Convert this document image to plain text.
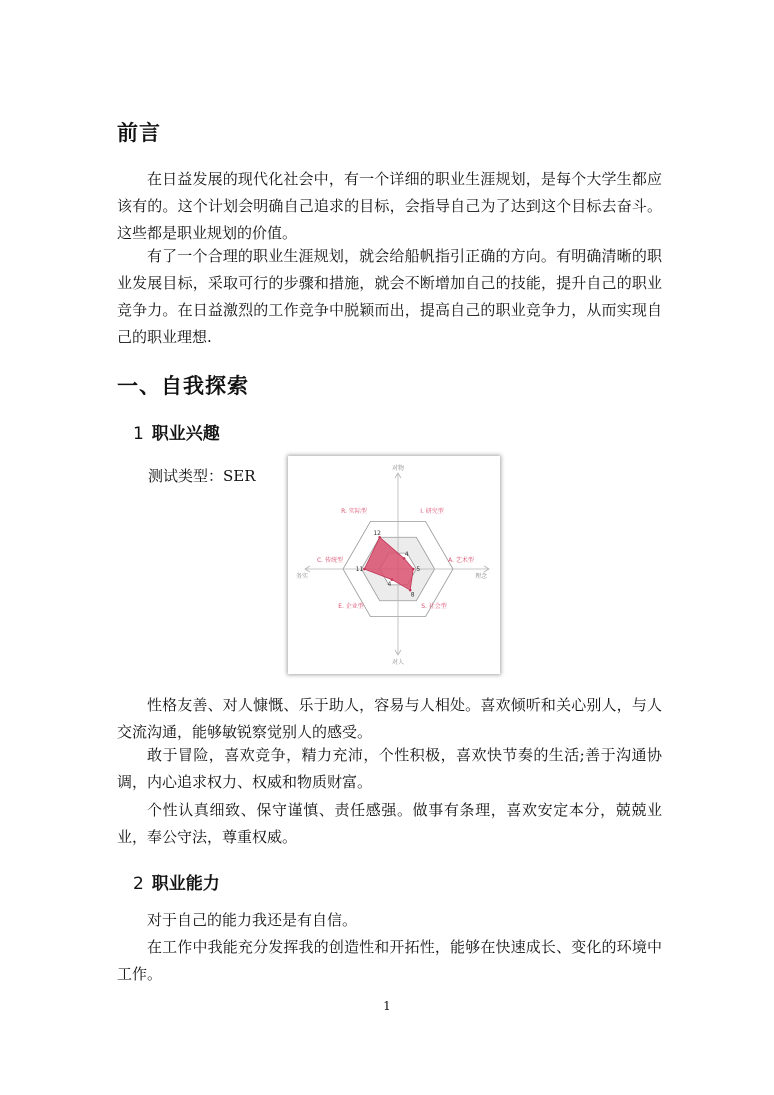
前言

在日益发展的现代化社会中，有一个详细的职业生涯规划，是每个大学生都应该有的。这个计划会明确自己追求的目标，会指导自己为了达到这个目标去奋斗。这些都是职业规划的价值。

有了一个合理的职业生涯规划，就会给船帆指引正确的方向。有明确清晰的职业发展目标，采取可行的步骤和措施，就会不断增加自己的技能，提升自己的职业竞争力。在日益激烈的工作竞争中脱颖而出，提高自己的职业竞争力，从而实现自己的职业理想.

一、自我探索
1 职业兴趣
测试类型：SER
12
4
5
8
4
11
R. 实际型	I. 研究型
A. 艺术型
S. 社会型
E. 企业型
C. 传统型
对物
对人
务实	理念

性格友善、对人慷慨、乐于助人，容易与人相处。喜欢倾听和关心别人，与人交流沟通，能够敏锐察觉别人的感受。

敢于冒险，喜欢竞争，精力充沛，个性积极，喜欢快节奏的生活;善于沟通协调，内心追求权力、权威和物质财富。

个性认真细致、保守谨慎、责任感强。做事有条理，喜欢安定本分，兢兢业业，奉公守法，尊重权威。

2 职业能力

对于自己的能力我还是有自信。

在工作中我能充分发挥我的创造性和开拓性，能够在快速成长、变化的环境中工作。

1
